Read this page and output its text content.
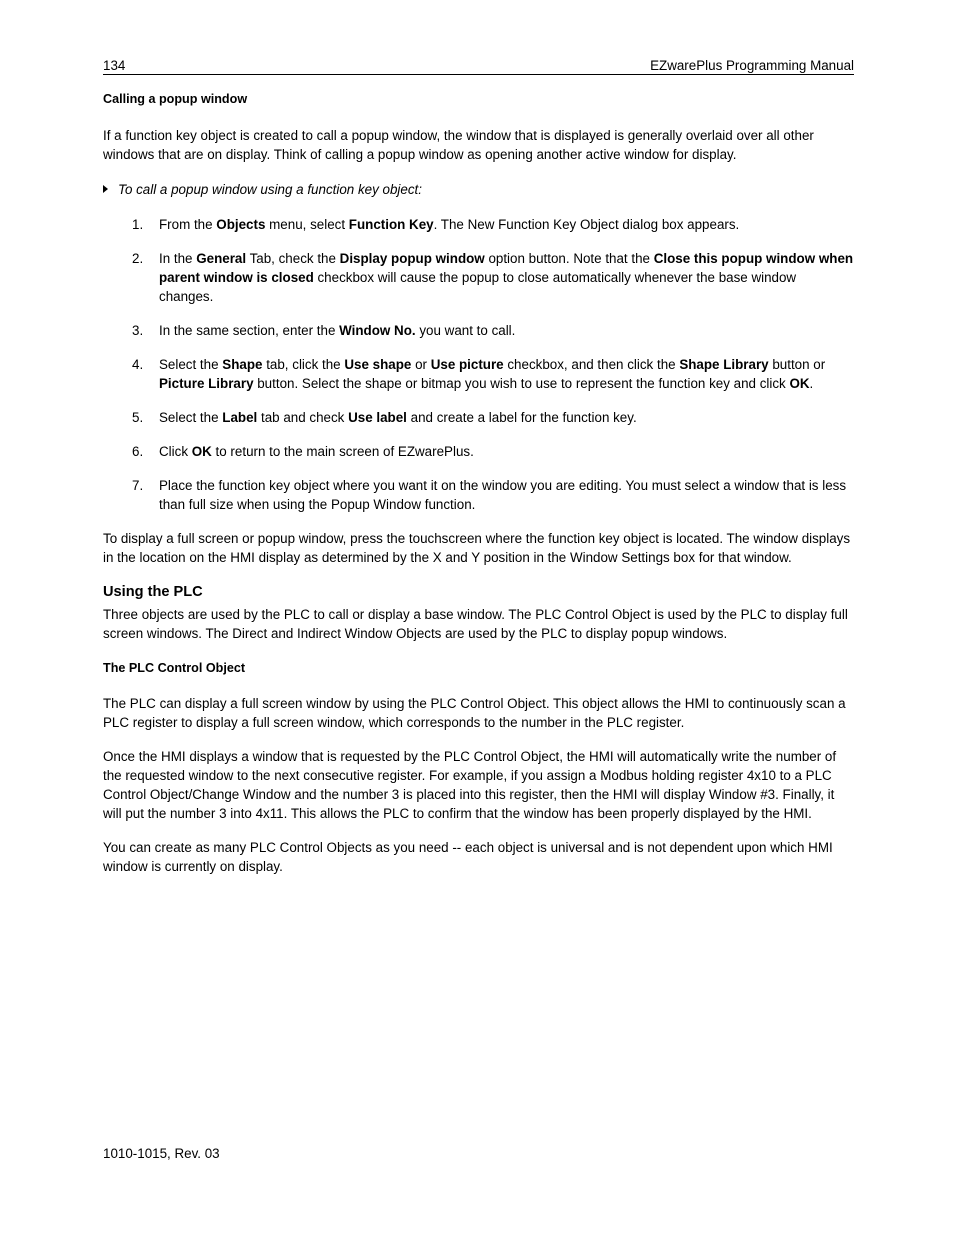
134	EZwarePlus Programming Manual

Calling a popup window

If a function key object is created to call a popup window, the window that is displayed is generally overlaid over all other windows that are on display. Think of calling a popup window as opening another active window for display.

To call a popup window using a function key object:
1. From the Objects menu, select Function Key. The New Function Key Object dialog box appears.
2. In the General Tab, check the Display popup window option button. Note that the Close this popup window when parent window is closed checkbox will cause the popup to close automatically whenever the base window changes.
3. In the same section, enter the Window No. you want to call.
4. Select the Shape tab, click the Use shape or Use picture checkbox, and then click the Shape Library button or Picture Library button. Select the shape or bitmap you wish to use to represent the function key and click OK.
5. Select the Label tab and check Use label and create a label for the function key.
6. Click OK to return to the main screen of EZwarePlus.
7. Place the function key object where you want it on the window you are editing. You must select a window that is less than full size when using the Popup Window function.

To display a full screen or popup window, press the touchscreen where the function key object is located. The window displays in the location on the HMI display as determined by the X and Y position in the Window Settings box for that window.

Using the PLC

Three objects are used by the PLC to call or display a base window. The PLC Control Object is used by the PLC to display full screen windows. The Direct and Indirect Window Objects are used by the PLC to display popup windows.

The PLC Control Object

The PLC can display a full screen window by using the PLC Control Object. This object allows the HMI to continuously scan a PLC register to display a full screen window, which corresponds to the number in the PLC register.

Once the HMI displays a window that is requested by the PLC Control Object, the HMI will automatically write the number of the requested window to the next consecutive register. For example, if you assign a Modbus holding register 4x10 to a PLC Control Object/Change Window and the number 3 is placed into this register, then the HMI will display Window #3. Finally, it will put the number 3 into 4x11. This allows the PLC to confirm that the window has been properly displayed by the HMI.

You can create as many PLC Control Objects as you need -- each object is universal and is not dependent upon which HMI window is currently on display.

1010-1015, Rev. 03
